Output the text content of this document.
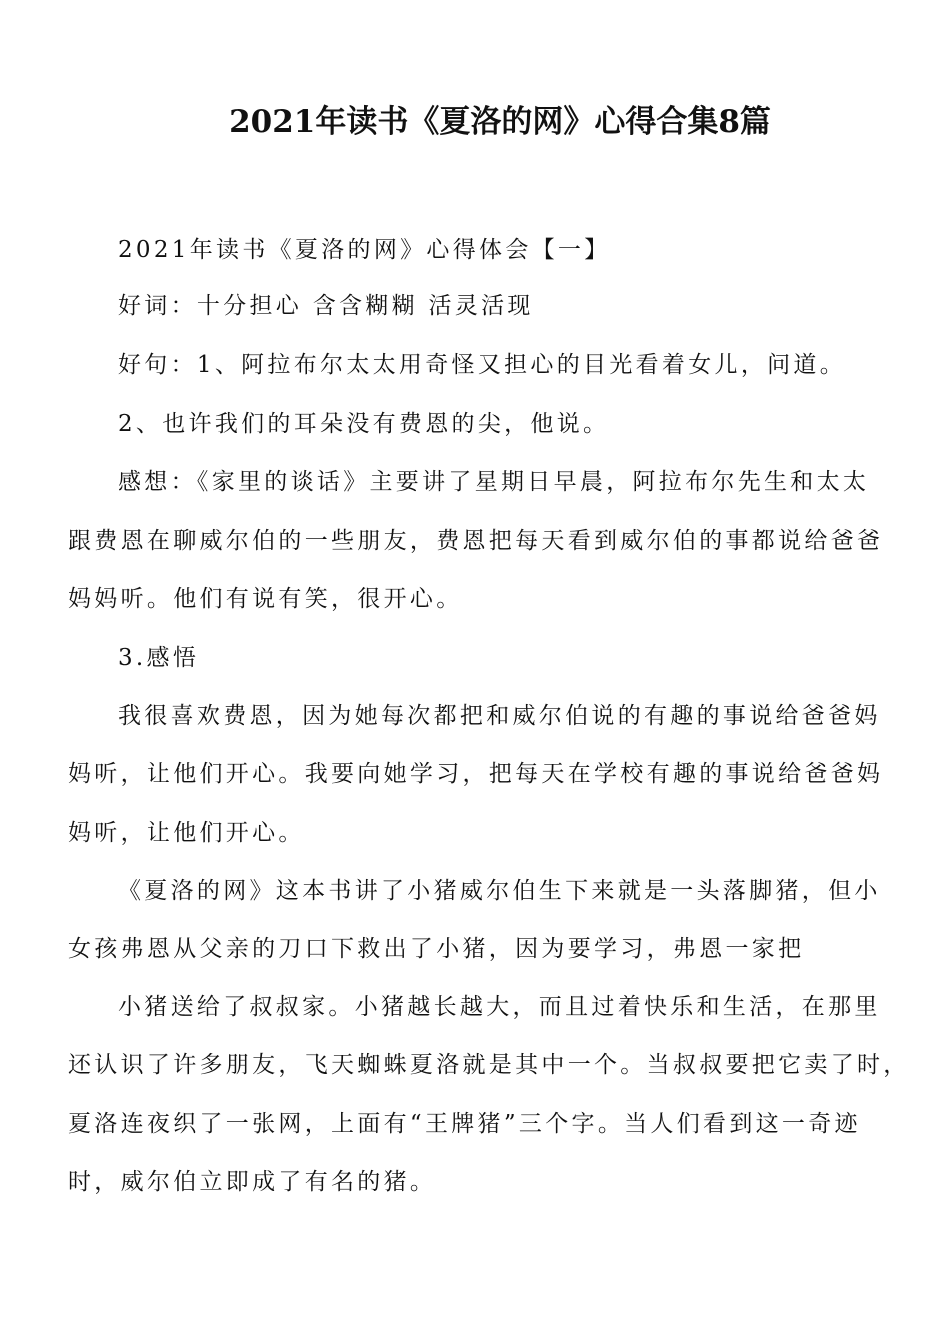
2021年读书《夏洛的网》心得合集8篇

2021年读书《夏洛的网》心得体会【一】

好词：十分担心 含含糊糊 活灵活现

好句：1、阿拉布尔太太用奇怪又担心的目光看着女儿，问道。

2、也许我们的耳朵没有费恩的尖，他说。

感想：《家里的谈话》主要讲了星期日早晨，阿拉布尔先生和太太

跟费恩在聊威尔伯的一些朋友，费恩把每天看到威尔伯的事都说给爸爸

妈妈听。他们有说有笑，很开心。

3.感悟

我很喜欢费恩，因为她每次都把和威尔伯说的有趣的事说给爸爸妈

妈听，让他们开心。我要向她学习，把每天在学校有趣的事说给爸爸妈

妈听，让他们开心。

《夏洛的网》这本书讲了小猪威尔伯生下来就是一头落脚猪，但小

女孩弗恩从父亲的刀口下救出了小猪，因为要学习，弗恩一家把

小猪送给了叔叔家。小猪越长越大，而且过着快乐和生活，在那里

还认识了许多朋友，飞天蜘蛛夏洛就是其中一个。当叔叔要把它卖了时，

夏洛连夜织了一张网，上面有“王牌猪”三个字。当人们看到这一奇迹

时，威尔伯立即成了有名的猪。
